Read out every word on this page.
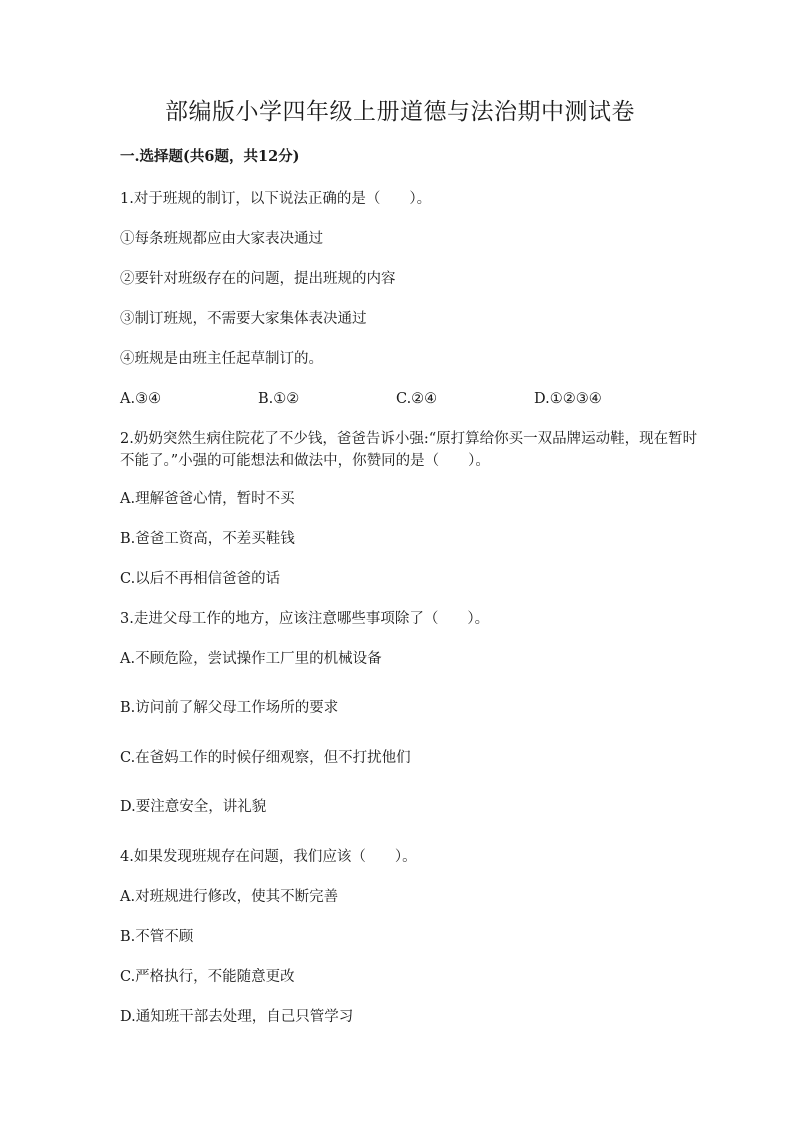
部编版小学四年级上册道德与法治期中测试卷
一.选择题(共6题，共12分)
1.对于班规的制订，以下说法正确的是（　　）。
①每条班规都应由大家表决通过
②要针对班级存在的问题，提出班规的内容
③制订班规，不需要大家集体表决通过
④班规是由班主任起草制订的。
A.③④	B.①②	C.②④	D.①②③④
2.奶奶突然生病住院花了不少钱，爸爸告诉小强:“原打算给你买一双品牌运动鞋，现在暂时不能了。”小强的可能想法和做法中，你赞同的是（　　）。
A.理解爸爸心情，暂时不买
B.爸爸工资高，不差买鞋钱
C.以后不再相信爸爸的话
3.走进父母工作的地方，应该注意哪些事项除了（　　）。
A.不顾危险，尝试操作工厂里的机械设备
B.访问前了解父母工作场所的要求
C.在爸妈工作的时候仔细观察，但不打扰他们
D.要注意安全，讲礼貌
4.如果发现班规存在问题，我们应该（　　）。
A.对班规进行修改，使其不断完善
B.不管不顾
C.严格执行，不能随意更改
D.通知班干部去处理，自己只管学习
